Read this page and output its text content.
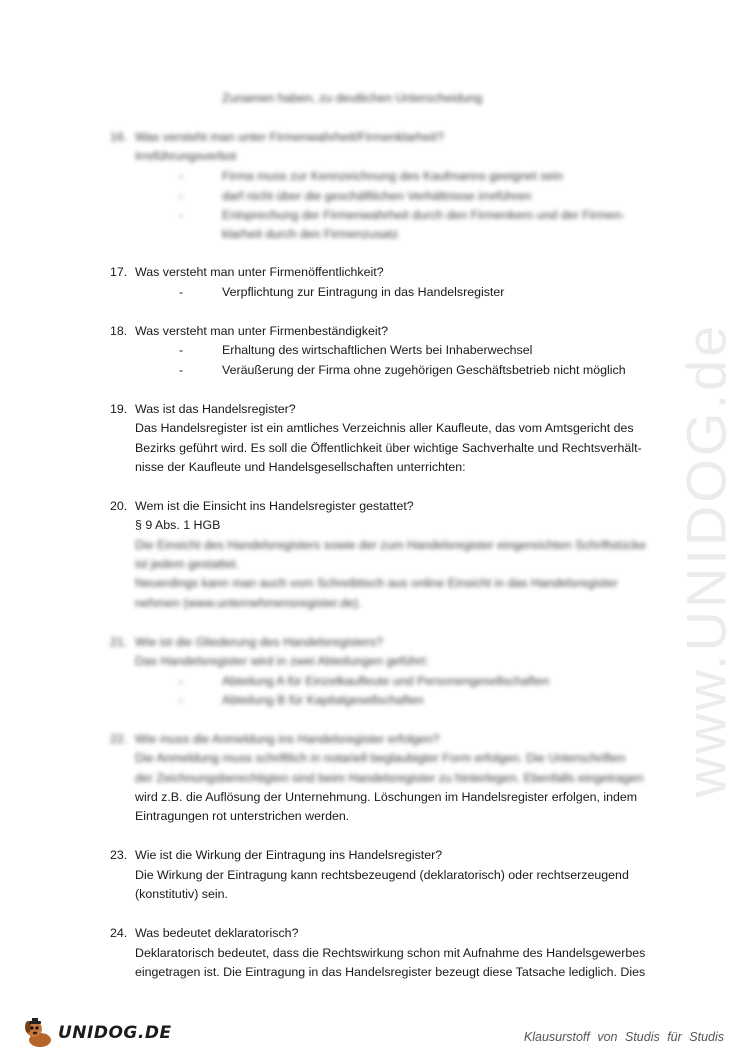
www.UNIDOG.de
Zunamen haben, zu deutlichen Unterscheidung
16. Was versteht man unter Firmenwahrheit/Firmenklarheit?
Irreführungsverbot
-	Firma muss zur Kennzeichnung des Kaufmanns geeignet sein
-	darf nicht über die geschäftlichen Verhältnisse irreführen
-	Entsprechung der Firmenwahrheit durch den Firmenkern und der Firmen-
klarheit durch den Firmenzusatz
17. Was versteht man unter Firmenöffentlichkeit?
-	Verpflichtung zur Eintragung in das Handelsregister
18. Was versteht man unter Firmenbeständigkeit?
-	Erhaltung des wirtschaftlichen Werts bei Inhaberwechsel
-	Veräußerung der Firma ohne zugehörigen Geschäftsbetrieb nicht möglich
19. Was ist das Handelsregister?
Das Handelsregister ist ein amtliches Verzeichnis aller Kaufleute, das vom Amtsgericht des
Bezirks geführt wird. Es soll die Öffentlichkeit über wichtige Sachverhalte und Rechtsverhält-
nisse der Kaufleute und Handelsgesellschaften unterrichten:
20. Wem ist die Einsicht ins Handelsregister gestattet?
§ 9 Abs. 1 HGB
Die Einsicht des Handelsregisters sowie der zum Handelsregister eingereichten Schriftstücke
ist jedem gestattet.
Neuerdings kann man auch vom Schreibtisch aus online Einsicht in das Handelsregister
nehmen (www.unternehmensregister.de).
21. Wie ist die Gliederung des Handelsregisters?
Das Handelsregister wird in zwei Abteilungen geführt:
-	Abteilung A für Einzelkaufleute und Personengesellschaften
-	Abteilung B für Kapitalgesellschaften
22. Wie muss die Anmeldung ins Handelsregister erfolgen?
Die Anmeldung muss schriftlich in notariell beglaubigter Form erfolgen. Die Unterschriften
der Zeichnungsberechtigten sind beim Handelsregister zu hinterlegen. Ebenfalls eingetragen
wird z.B. die Auflösung der Unternehmung. Löschungen im Handelsregister erfolgen, indem
Eintragungen rot unterstrichen werden.
23. Wie ist die Wirkung der Eintragung ins Handelsregister?
Die Wirkung der Eintragung kann rechtsbezeugend (deklaratorisch) oder rechtserzeugend
(konstitutiv) sein.
24. Was bedeutet deklaratorisch?
Deklaratorisch bedeutet, dass die Rechtswirkung schon mit Aufnahme des Handelsgewerbes
eingetragen ist. Die Eintragung in das Handelsregister bezeugt diese Tatsache lediglich. Dies
UNIDOG.DE	Klausurstoff von Studis für Studis
